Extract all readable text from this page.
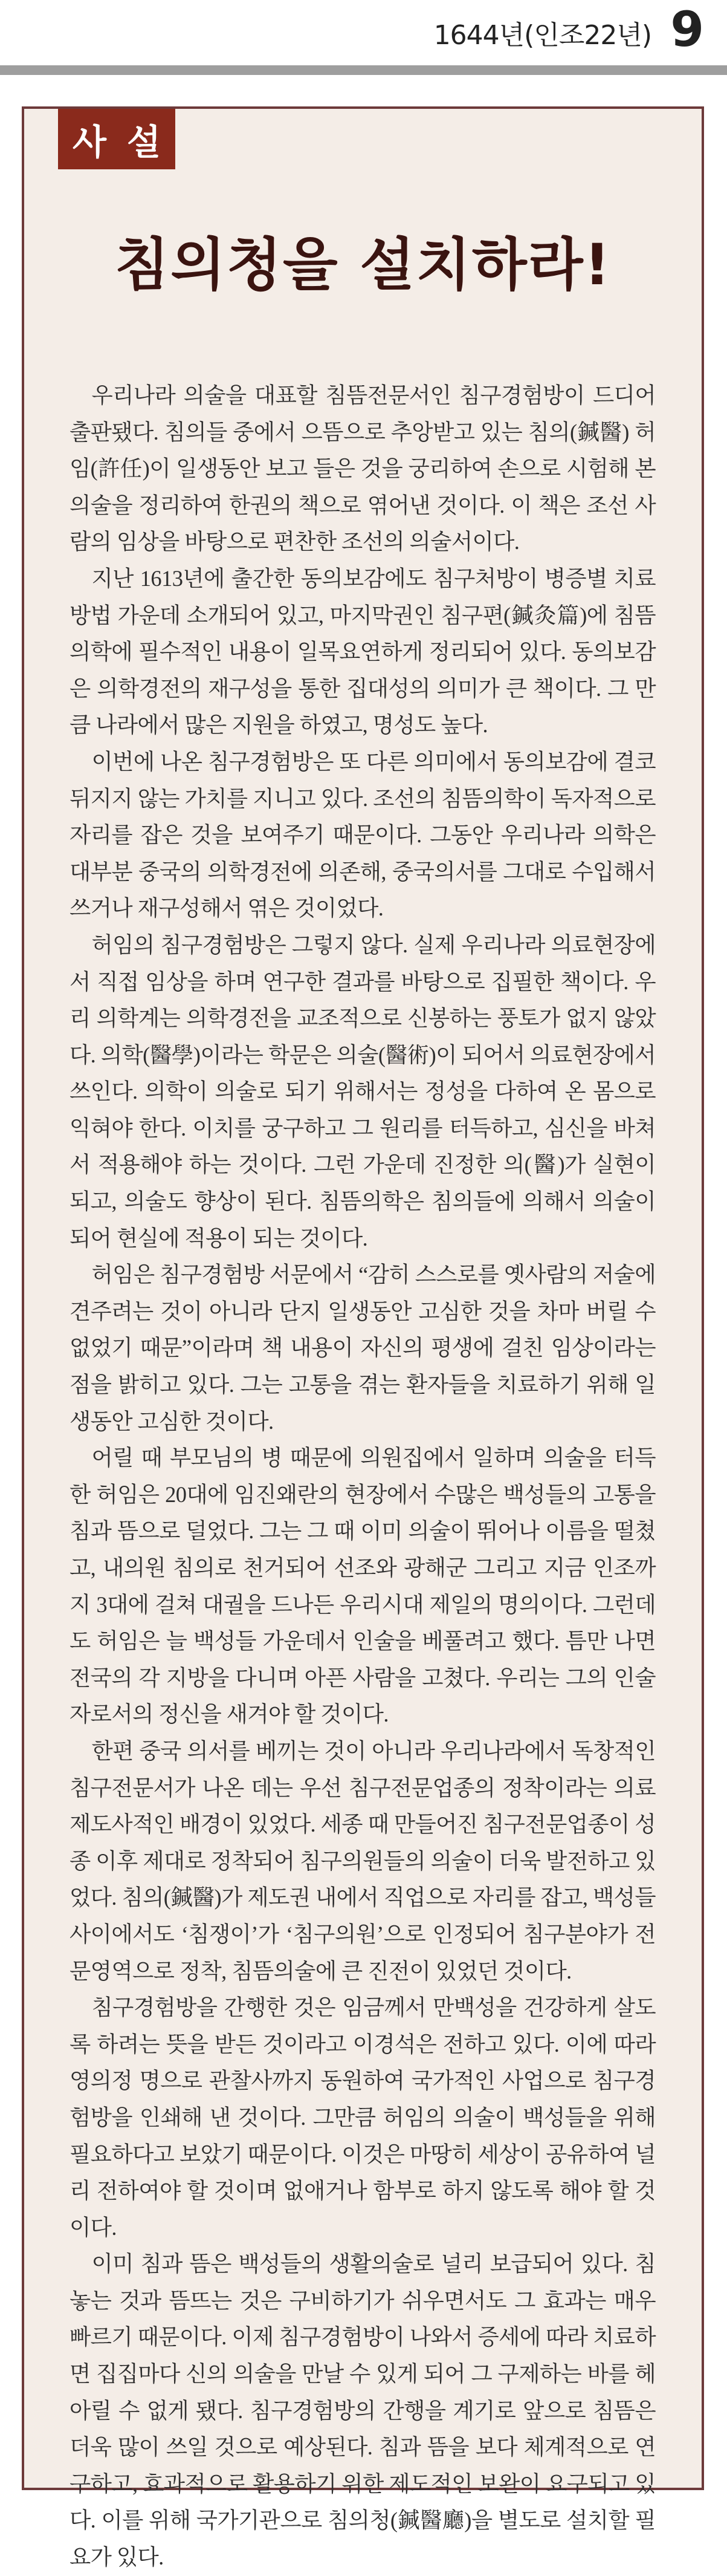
1644년(인조22년) 9
사설
침의청을 설치하라!

우리나라 의술을 대표할 침뜸전문서인 침구경험방이 드디어 출판됐다. 침의들 중에서 으뜸으로 추앙받고 있는 침의(鍼醫) 허임(許任)이 일생동안 보고 들은 것을 궁리하여 손으로 시험해 본 의술을 정리하여 한권의 책으로 엮어낸 것이다. 이 책은 조선 사람의 임상을 바탕으로 편찬한 조선의 의술서이다.

지난 1613년에 출간한 동의보감에도 침구처방이 병증별 치료방법 가운데 소개되어 있고, 마지막권인 침구편(鍼灸篇)에 침뜸의학에 필수적인 내용이 일목요연하게 정리되어 있다. 동의보감은 의학경전의 재구성을 통한 집대성의 의미가 큰 책이다. 그 만큼 나라에서 많은 지원을 하였고, 명성도 높다.

이번에 나온 침구경험방은 또 다른 의미에서 동의보감에 결코 뒤지지 않는 가치를 지니고 있다. 조선의 침뜸의학이 독자적으로 자리를 잡은 것을 보여주기 때문이다. 그동안 우리나라 의학은 대부분 중국의 의학경전에 의존해, 중국의서를 그대로 수입해서 쓰거나 재구성해서 엮은 것이었다.

허임의 침구경험방은 그렇지 않다. 실제 우리나라 의료현장에서 직접 임상을 하며 연구한 결과를 바탕으로 집필한 책이다. 우리 의학계는 의학경전을 교조적으로 신봉하는 풍토가 없지 않았다. 의학(醫學)이라는 학문은 의술(醫術)이 되어서 의료현장에서 쓰인다. 의학이 의술로 되기 위해서는 정성을 다하여 온 몸으로 익혀야 한다. 이치를 궁구하고 그 원리를 터득하고, 심신을 바쳐서 적용해야 하는 것이다. 그런 가운데 진정한 의(醫)가 실현이 되고, 의술도 향상이 된다. 침뜸의학은 침의들에 의해서 의술이 되어 현실에 적용이 되는 것이다.

허임은 침구경험방 서문에서 “감히 스스로를 옛사람의 저술에 견주려는 것이 아니라 단지 일생동안 고심한 것을 차마 버릴 수 없었기 때문”이라며 책 내용이 자신의 평생에 걸친 임상이라는 점을 밝히고 있다. 그는 고통을 겪는 환자들을 치료하기 위해 일생동안 고심한 것이다.

어릴 때 부모님의 병 때문에 의원집에서 일하며 의술을 터득한 허임은 20대에 임진왜란의 현장에서 수많은 백성들의 고통을 침과 뜸으로 덜었다. 그는 그 때 이미 의술이 뛰어나 이름을 떨쳤고, 내의원 침의로 천거되어 선조와 광해군 그리고 지금 인조까지 3대에 걸쳐 대궐을 드나든 우리시대 제일의 명의이다. 그런데도 허임은 늘 백성들 가운데서 인술을 베풀려고 했다. 틈만 나면 전국의 각 지방을 다니며 아픈 사람을 고쳤다. 우리는 그의 인술자로서의 정신을 새겨야 할 것이다.

한편 중국 의서를 베끼는 것이 아니라 우리나라에서 독창적인 침구전문서가 나온 데는 우선 침구전문업종의 정착이라는 의료제도사적인 배경이 있었다. 세종 때 만들어진 침구전문업종이 성종 이후 제대로 정착되어 침구의원들의 의술이 더욱 발전하고 있었다. 침의(鍼醫)가 제도권 내에서 직업으로 자리를 잡고, 백성들 사이에서도 ‘침쟁이’가 ‘침구의원’으로 인정되어 침구분야가 전문영역으로 정착, 침뜸의술에 큰 진전이 있었던 것이다.

침구경험방을 간행한 것은 임금께서 만백성을 건강하게 살도록 하려는 뜻을 받든 것이라고 이경석은 전하고 있다. 이에 따라 영의정 명으로 관찰사까지 동원하여 국가적인 사업으로 침구경험방을 인쇄해 낸 것이다. 그만큼 허임의 의술이 백성들을 위해 필요하다고 보았기 때문이다. 이것은 마땅히 세상이 공유하여 널리 전하여야 할 것이며 없애거나 함부로 하지 않도록 해야 할 것이다.

이미 침과 뜸은 백성들의 생활의술로 널리 보급되어 있다. 침 놓는 것과 뜸뜨는 것은 구비하기가 쉬우면서도 그 효과는 매우 빠르기 때문이다. 이제 침구경험방이 나와서 증세에 따라 치료하면 집집마다 신의 의술을 만날 수 있게 되어 그 구제하는 바를 헤아릴 수 없게 됐다. 침구경험방의 간행을 계기로 앞으로 침뜸은 더욱 많이 쓰일 것으로 예상된다. 침과 뜸을 보다 체계적으로 연구하고, 효과적으로 활용하기 위한 제도적인 보완이 요구되고 있다. 이를 위해 국가기관으로 침의청(鍼醫廳)을 별도로 설치할 필요가 있다.
